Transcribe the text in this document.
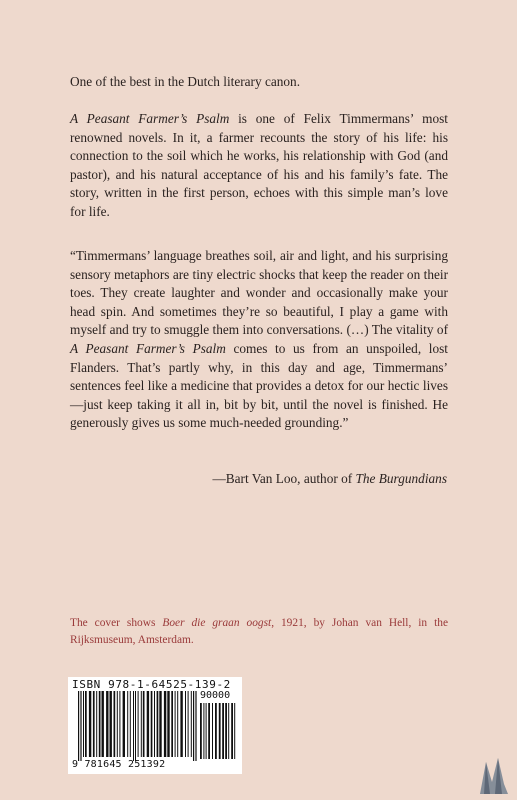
One of the best in the Dutch literary canon.

A Peasant Farmer’s Psalm is one of Felix Timmermans’ most renowned novels. In it, a farmer recounts the story of his life: his connection to the soil which he works, his relationship with God (and pastor), and his natural acceptance of his and his family’s fate. The story, written in the first person, echoes with this simple man’s love for life.

“Timmermans’ language breathes soil, air and light, and his surprising sensory metaphors are tiny electric shocks that keep the reader on their toes. They create laughter and wonder and occasionally make your head spin. And sometimes they’re so beautiful, I play a game with myself and try to smuggle them into conversations. (…) The vitality of A Peasant Farmer’s Psalm comes to us from an unspoiled, lost Flanders. That’s partly why, in this day and age, Timmermans’ sentences feel like a medicine that provides a detox for our hectic lives—just keep taking it all in, bit by bit, until the novel is finished. He generously gives us some much-needed grounding.”

—Bart Van Loo, author of The Burgundians

The cover shows Boer die graan oogst, 1921, by Johan van Hell, in the Rijksmuseum, Amsterdam.

ISBN 978-1-64525-139-2
9 781645 251392
90000
